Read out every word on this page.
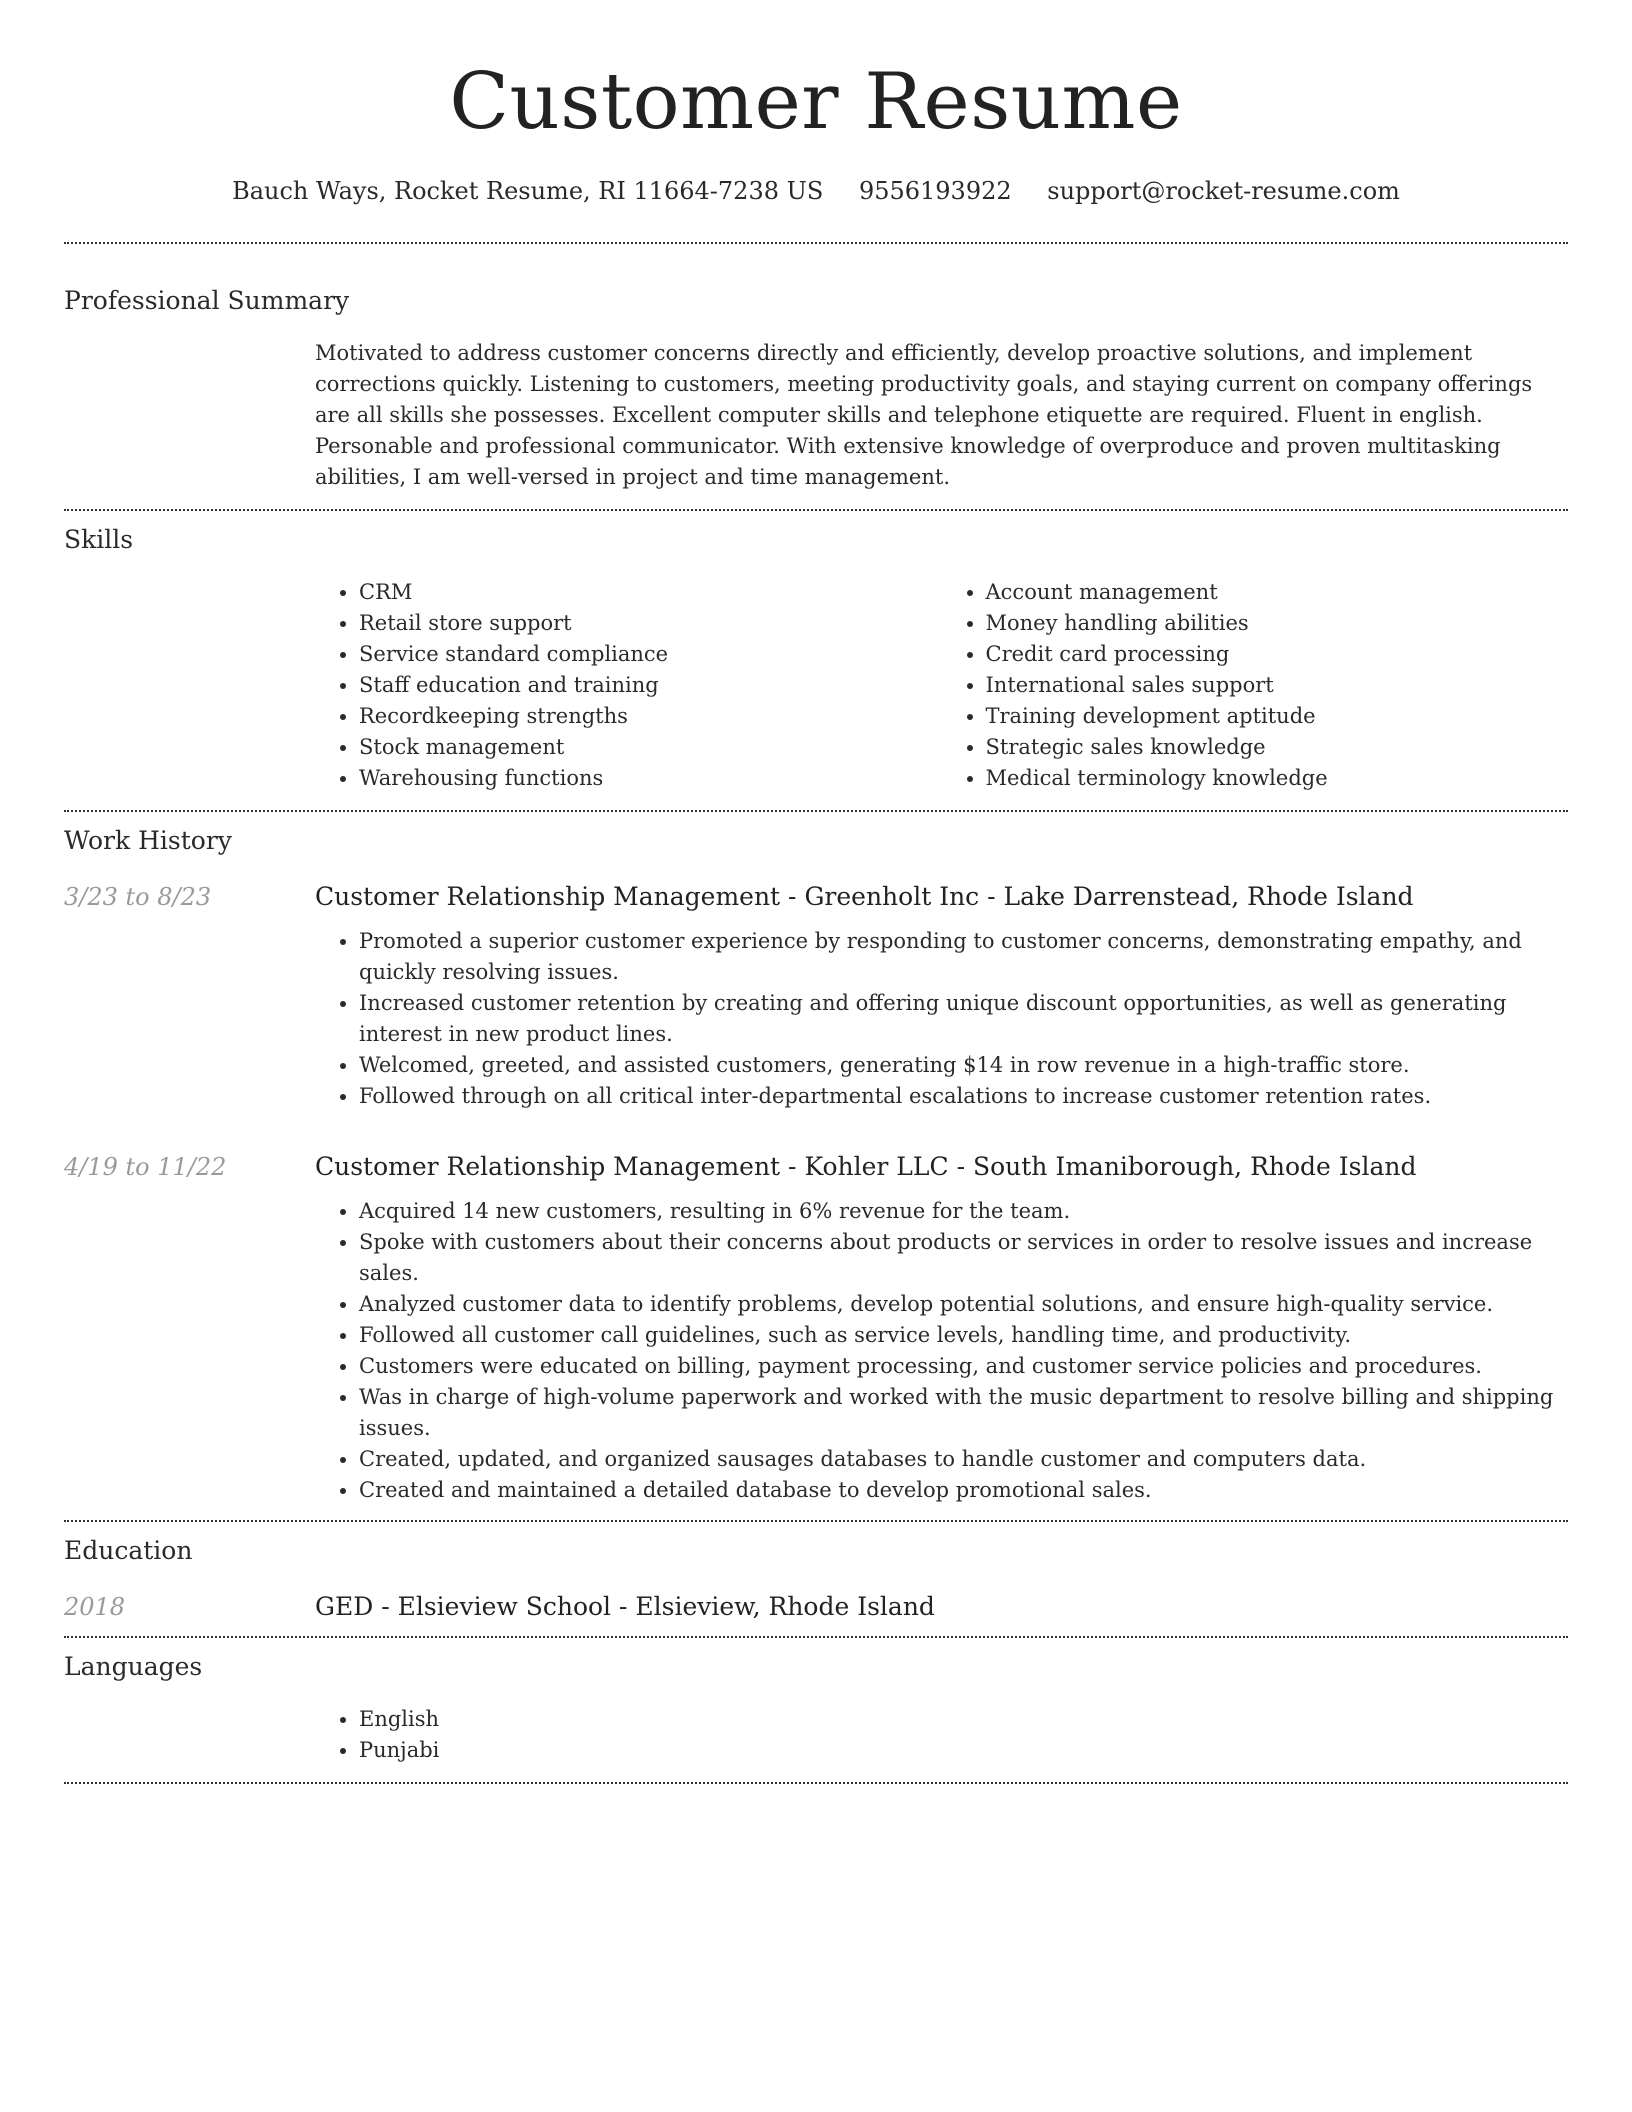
Customer Resume
Bauch Ways, Rocket Resume, RI 11664-7238 US 9556193922 support@rocket-resume.com
Professional Summary

Motivated to address customer concerns directly and efficiently, develop proactive solutions, and implement corrections quickly. Listening to customers, meeting productivity goals, and staying current on company offerings are all skills she possesses. Excellent computer skills and telephone etiquette are required. Fluent in english. Personable and professional communicator. With extensive knowledge of overproduce and proven multitasking abilities, I am well-versed in project and time management.

Skills
• CRM
• Retail store support
• Service standard compliance
• Staff education and training
• Recordkeeping strengths
• Stock management
• Warehousing functions
• Account management
• Money handling abilities
• Credit card processing
• International sales support
• Training development aptitude
• Strategic sales knowledge
• Medical terminology knowledge
Work History
3/23 to 8/23	Customer Relationship Management - Greenholt Inc - Lake Darrenstead, Rhode Island
• Promoted a superior customer experience by responding to customer concerns, demonstrating empathy, and quickly resolving issues.
• Increased customer retention by creating and offering unique discount opportunities, as well as generating interest in new product lines.
• Welcomed, greeted, and assisted customers, generating $14 in row revenue in a high-traffic store.
• Followed through on all critical inter-departmental escalations to increase customer retention rates.
4/19 to 11/22	Customer Relationship Management - Kohler LLC - South Imaniborough, Rhode Island
• Acquired 14 new customers, resulting in 6% revenue for the team.
• Spoke with customers about their concerns about products or services in order to resolve issues and increase sales.
• Analyzed customer data to identify problems, develop potential solutions, and ensure high-quality service.
• Followed all customer call guidelines, such as service levels, handling time, and productivity.
• Customers were educated on billing, payment processing, and customer service policies and procedures.
• Was in charge of high-volume paperwork and worked with the music department to resolve billing and shipping issues.
• Created, updated, and organized sausages databases to handle customer and computers data.
• Created and maintained a detailed database to develop promotional sales.
Education
2018	GED - Elsieview School - Elsieview, Rhode Island
Languages
• English
• Punjabi
